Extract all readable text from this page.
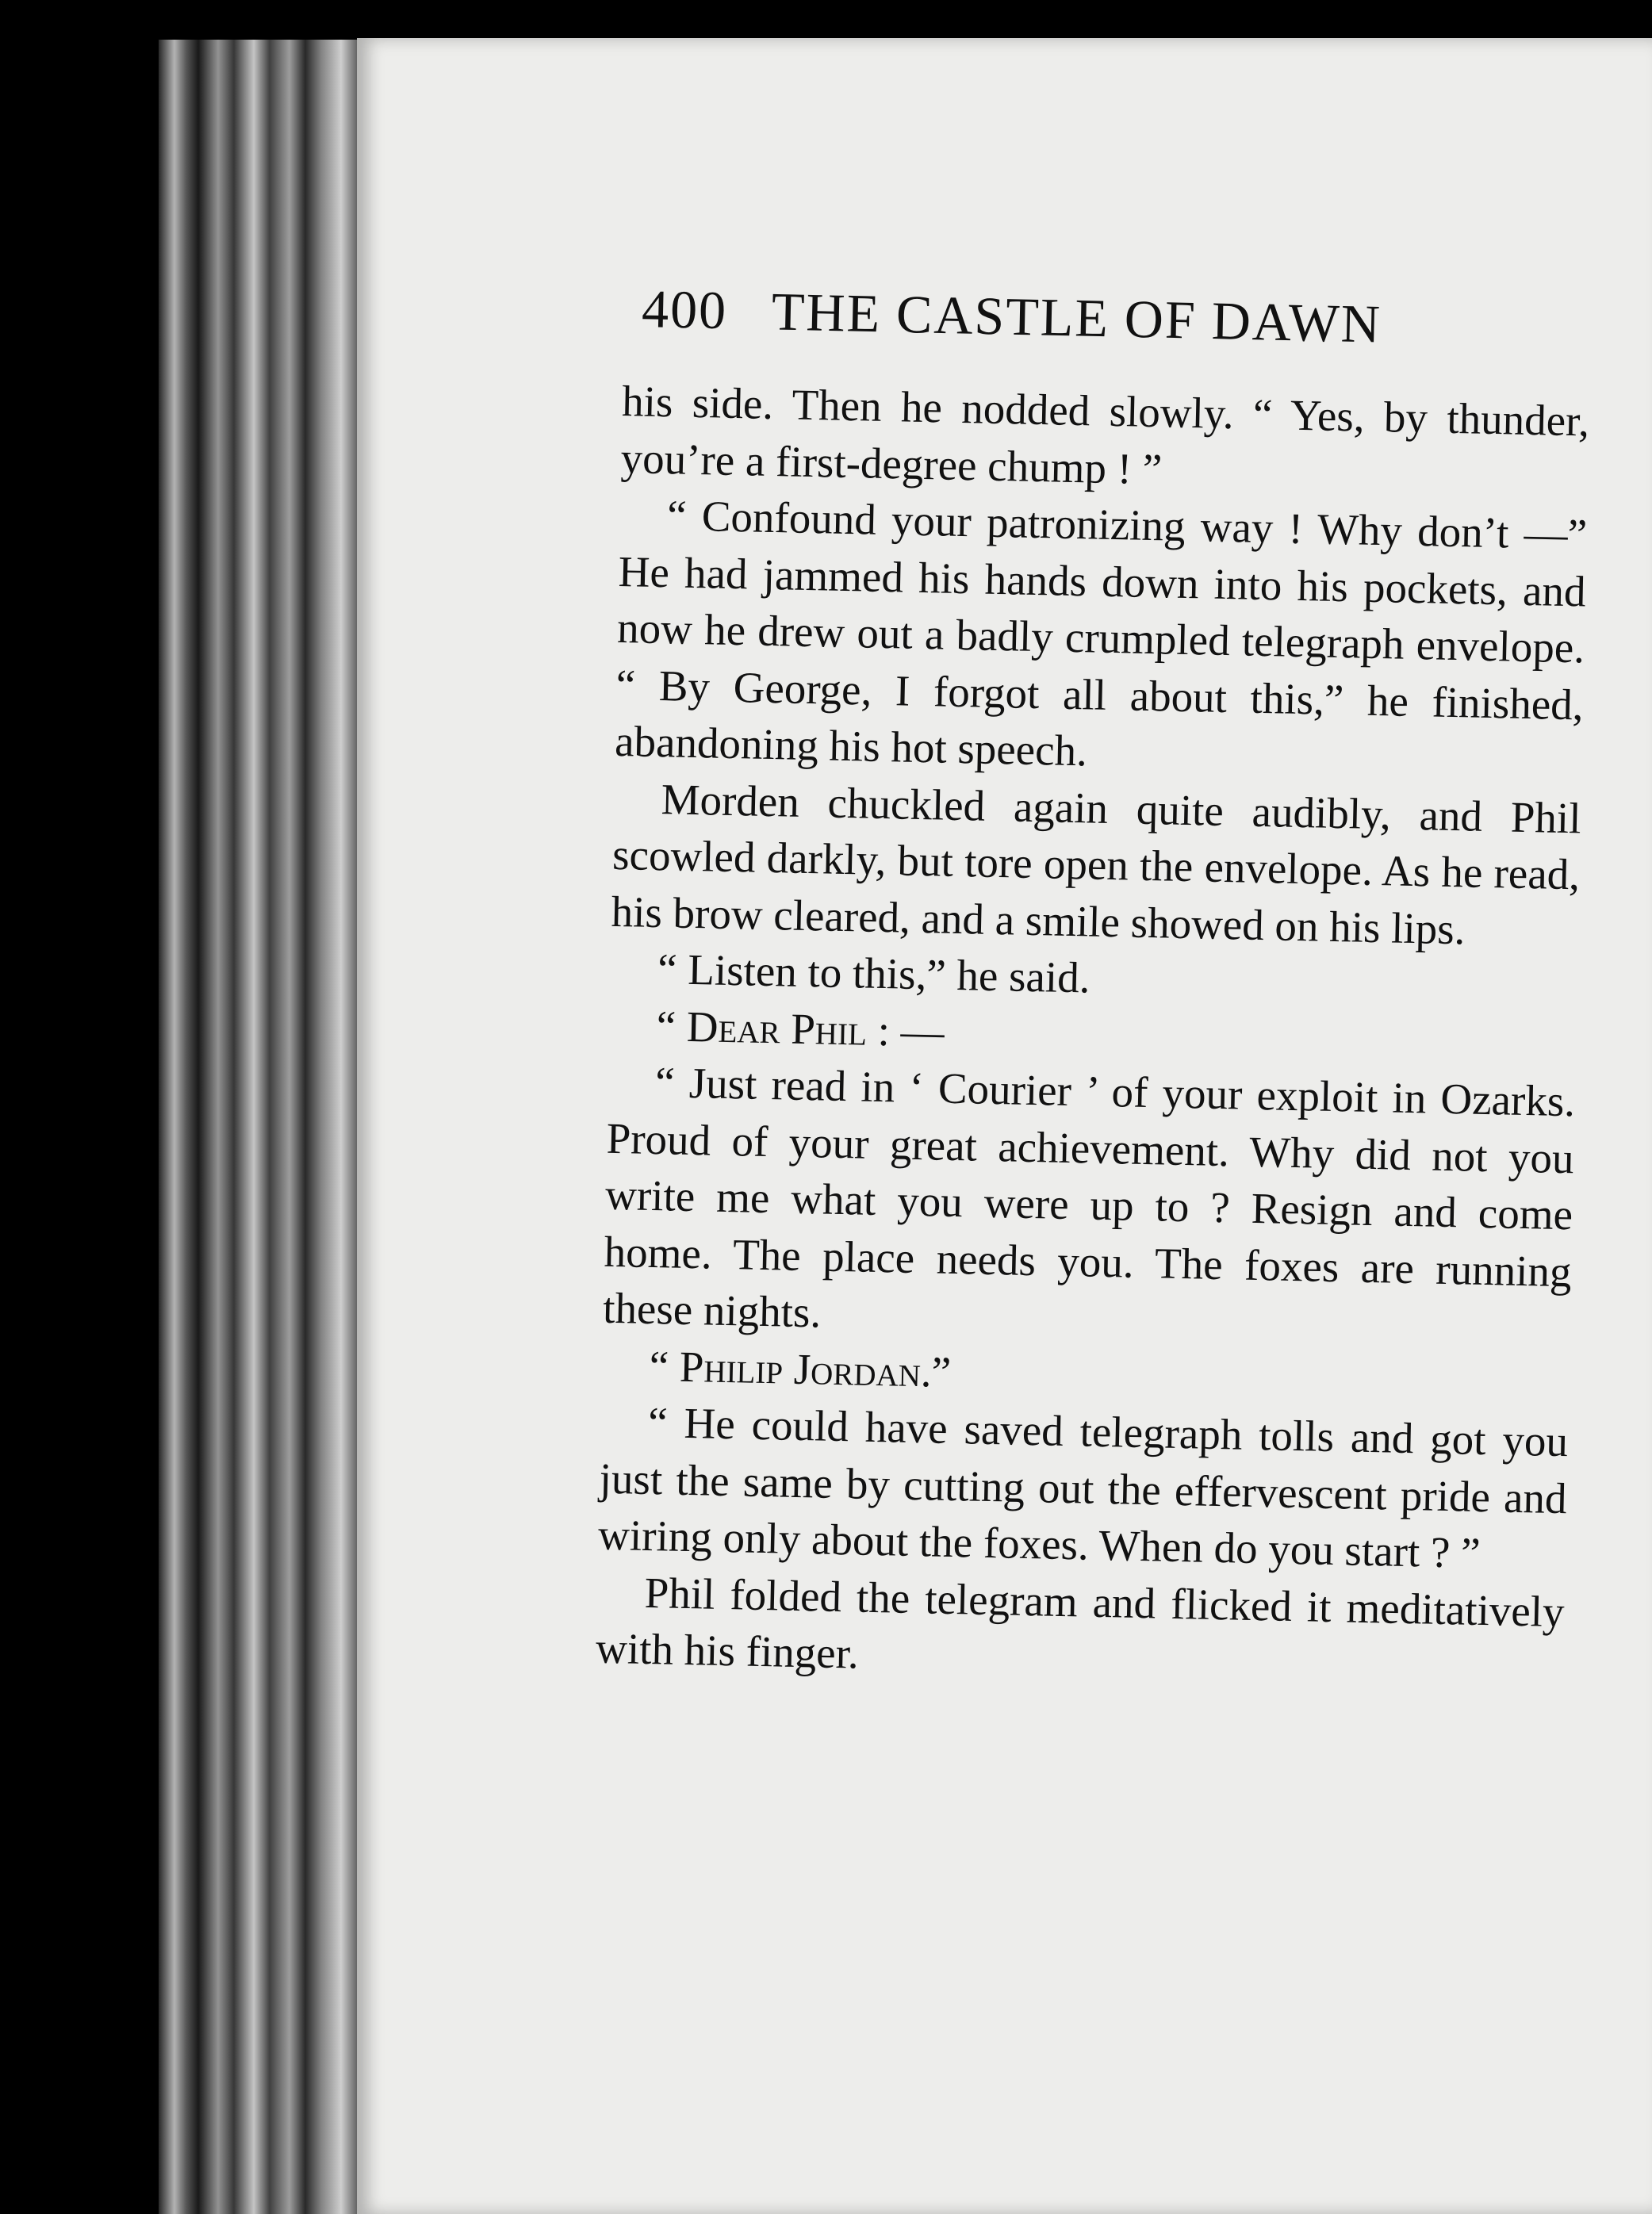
400 THE CASTLE OF DAWN

his side. Then he nodded slowly. “ Yes, by thunder, you’re a first-degree chump ! ”

“ Confound your patronizing way ! Why don’t —” He had jammed his hands down into his pockets, and now he drew out a badly crumpled telegraph envelope. “ By George, I forgot all about this,” he finished, abandoning his hot speech.

Morden chuckled again quite audibly, and Phil scowled darkly, but tore open the envelope. As he read, his brow cleared, and a smile showed on his lips.

“ Listen to this,” he said.

“ Dear Phil : —

“ Just read in ‘ Courier ’ of your exploit in Ozarks. Proud of your great achievement. Why did not you write me what you were up to ? Resign and come home. The place needs you. The foxes are running these nights.

“ Philip Jordan.”

“ He could have saved telegraph tolls and got you just the same by cutting out the effervescent pride and wiring only about the foxes. When do you start ? ”

Phil folded the telegram and flicked it meditatively with his finger.
